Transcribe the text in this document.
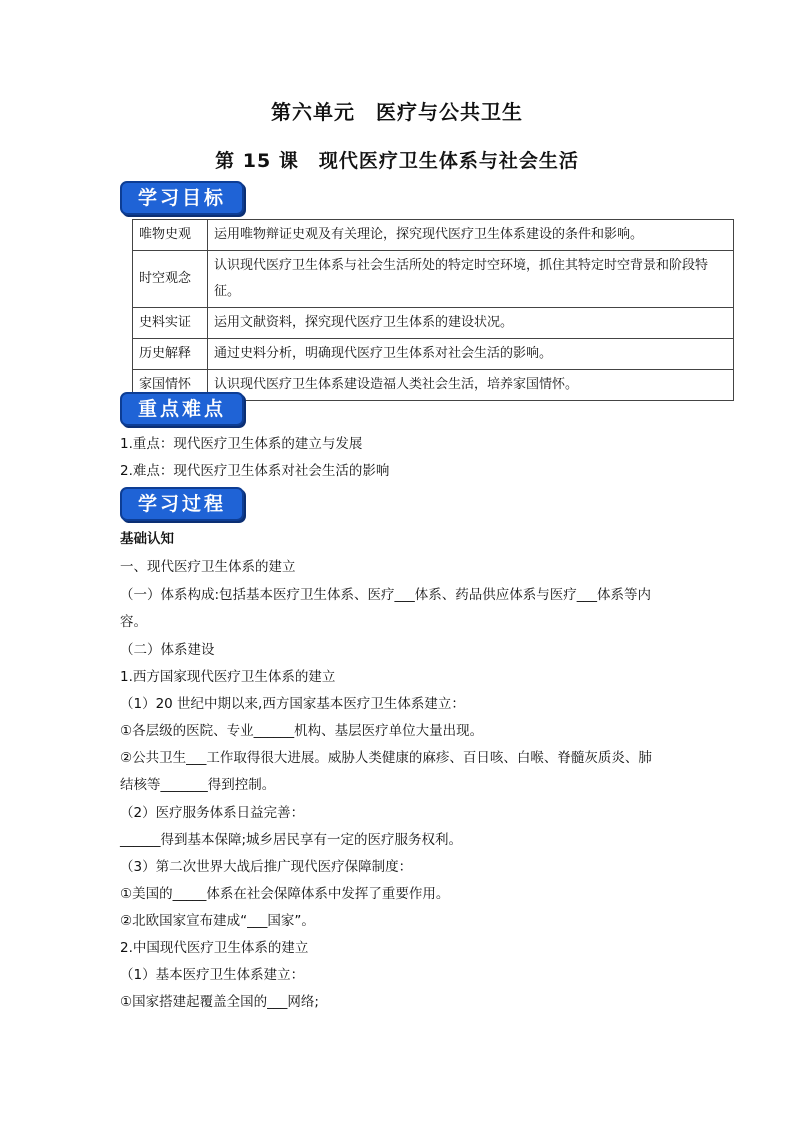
第六单元　医疗与公共卫生
第 15 课　现代医疗卫生体系与社会生活
学习目标
唯物史观	运用唯物辩证史观及有关理论，探究现代医疗卫生体系建设的条件和影响。
时空观念	认识现代医疗卫生体系与社会生活所处的特定时空环境，抓住其特定时空背景和阶段特征。
史料实证	运用文献资料，探究现代医疗卫生体系的建设状况。
历史解释	通过史料分析，明确现代医疗卫生体系对社会生活的影响。
家国情怀	认识现代医疗卫生体系建设造福人类社会生活，培养家国情怀。
重点难点
1.重点：现代医疗卫生体系的建立与发展
2.难点：现代医疗卫生体系对社会生活的影响
学习过程
基础认知
一、现代医疗卫生体系的建立
（一）体系构成:包括基本医疗卫生体系、医疗___体系、药品供应体系与医疗___体系等内
容。
（二）体系建设
1.西方国家现代医疗卫生体系的建立
（1）20 世纪中期以来,西方国家基本医疗卫生体系建立：
①各层级的医院、专业______机构、基层医疗单位大量出现。
②公共卫生___工作取得很大进展。威胁人类健康的麻疹、百日咳、白喉、脊髓灰质炎、肺
结核等_______得到控制。
（2）医疗服务体系日益完善：
______得到基本保障;城乡居民享有一定的医疗服务权利。
（3）第二次世界大战后推广现代医疗保障制度：
①美国的_____体系在社会保障体系中发挥了重要作用。
②北欧国家宣布建成“___国家”。
2.中国现代医疗卫生体系的建立
（1）基本医疗卫生体系建立：
①国家搭建起覆盖全国的___网络;
